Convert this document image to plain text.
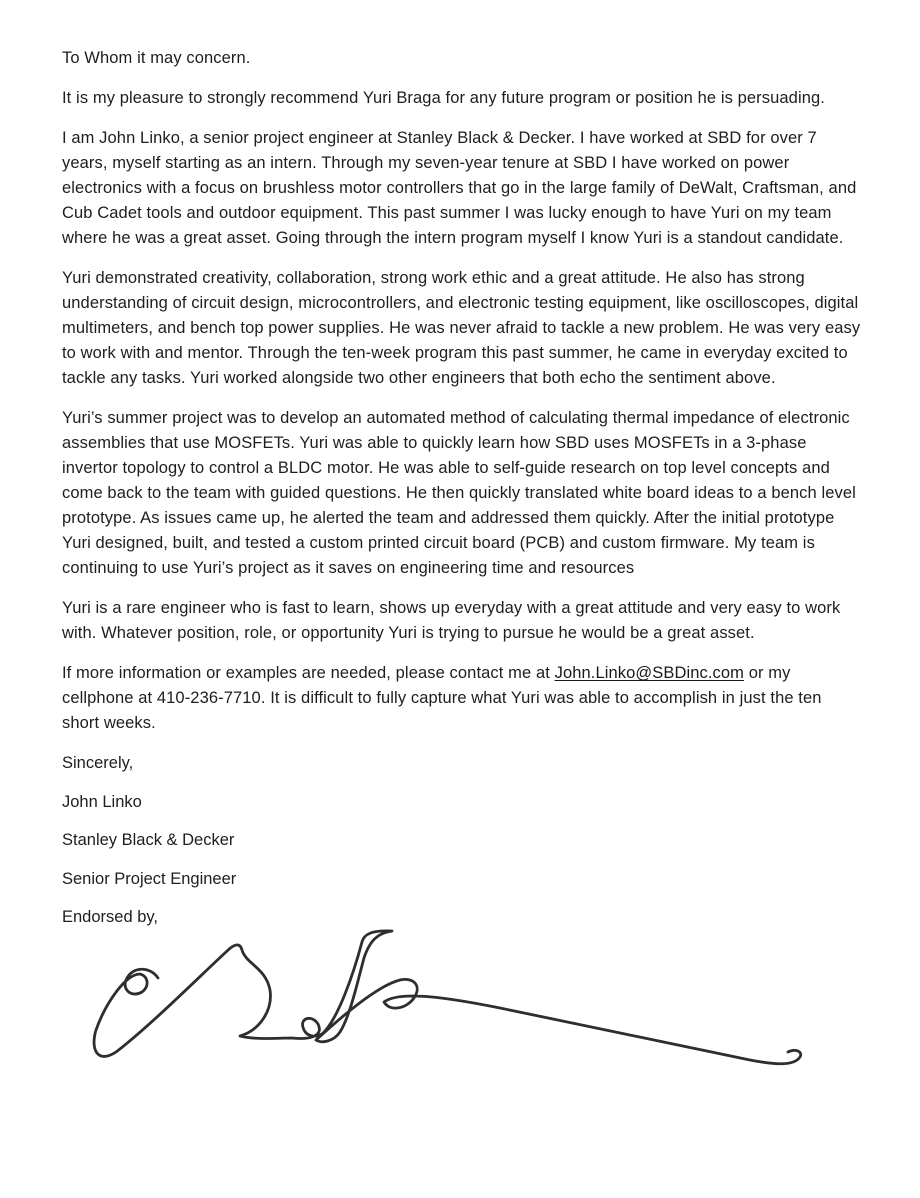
To Whom it may concern.

It is my pleasure to strongly recommend Yuri Braga for any future program or position he is persuading.

I am John Linko, a senior project engineer at Stanley Black & Decker. I have worked at SBD for over 7 years, myself starting as an intern. Through my seven-year tenure at SBD I have worked on power electronics with a focus on brushless motor controllers that go in the large family of DeWalt, Craftsman, and Cub Cadet tools and outdoor equipment. This past summer I was lucky enough to have Yuri on my team where he was a great asset. Going through the intern program myself I know Yuri is a standout candidate.

Yuri demonstrated creativity, collaboration, strong work ethic and a great attitude. He also has strong understanding of circuit design, microcontrollers, and electronic testing equipment, like oscilloscopes, digital multimeters, and bench top power supplies. He was never afraid to tackle a new problem. He was very easy to work with and mentor. Through the ten-week program this past summer, he came in everyday excited to tackle any tasks. Yuri worked alongside two other engineers that both echo the sentiment above.

Yuri’s summer project was to develop an automated method of calculating thermal impedance of electronic assemblies that use MOSFETs. Yuri was able to quickly learn how SBD uses MOSFETs in a 3-phase invertor topology to control a BLDC motor. He was able to self-guide research on top level concepts and come back to the team with guided questions. He then quickly translated white board ideas to a bench level prototype. As issues came up, he alerted the team and addressed them quickly. After the initial prototype Yuri designed, built, and tested a custom printed circuit board (PCB) and custom firmware. My team is continuing to use Yuri’s project as it saves on engineering time and resources

Yuri is a rare engineer who is fast to learn, shows up everyday with a great attitude and very easy to work with. Whatever position, role, or opportunity Yuri is trying to pursue he would be a great asset.

If more information or examples are needed, please contact me at John.Linko@SBDinc.com or my cellphone at 410-236-7710. It is difficult to fully capture what Yuri was able to accomplish in just the ten short weeks.

Sincerely,

John Linko

Stanley Black & Decker

Senior Project Engineer

Endorsed by,
